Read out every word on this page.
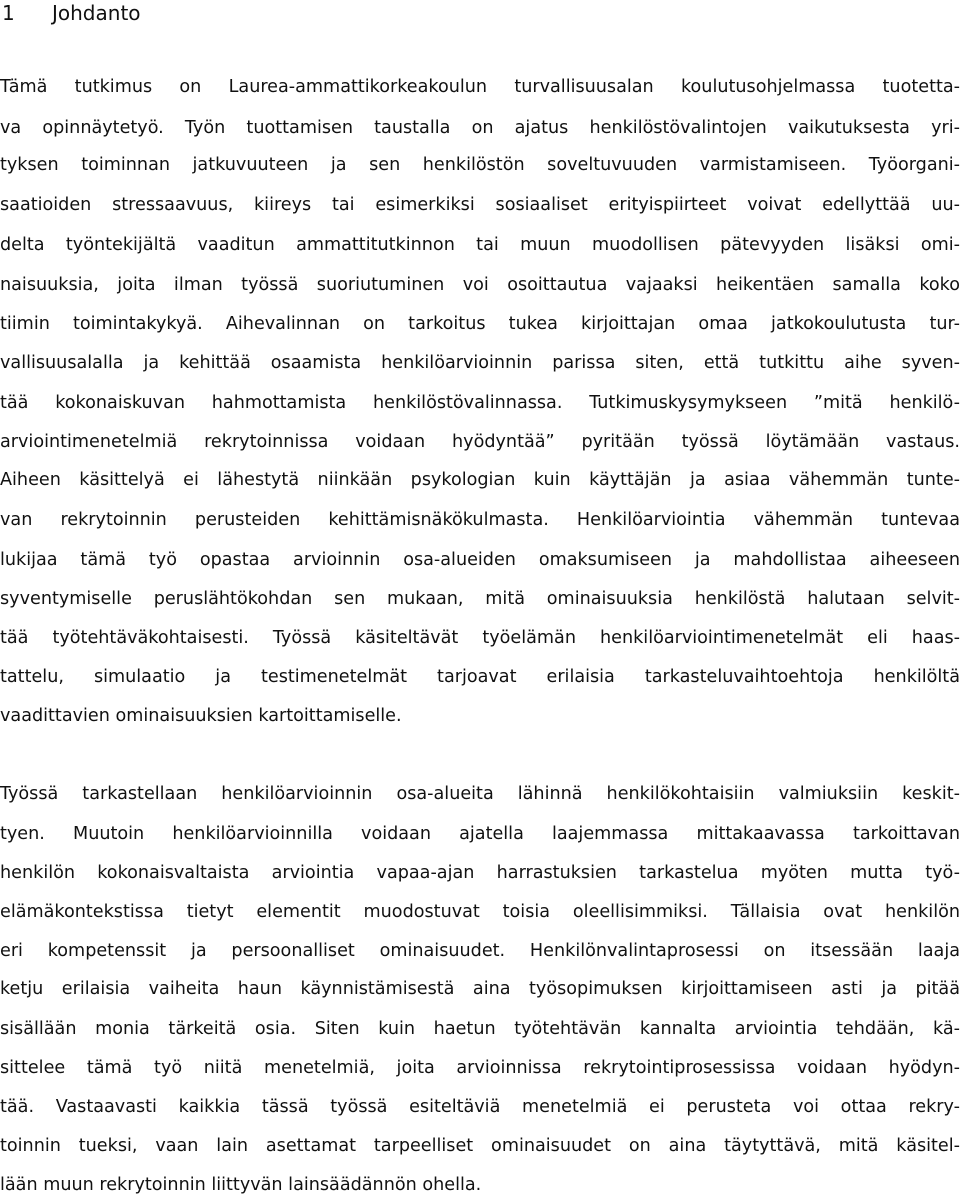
1 Johdanto
Tämä tutkimus on Laurea-ammattikorkeakoulun turvallisuusalan koulutusohjelmassa tuotetta-
va opinnäytetyö. Työn tuottamisen taustalla on ajatus henkilöstövalintojen vaikutuksesta yri-
tyksen toiminnan jatkuvuuteen ja sen henkilöstön soveltuvuuden varmistamiseen. Työorgani-
saatioiden stressaavuus, kiireys tai esimerkiksi sosiaaliset erityispiirteet voivat edellyttää uu-
delta työntekijältä vaaditun ammattitutkinnon tai muun muodollisen pätevyyden lisäksi omi-
naisuuksia, joita ilman työssä suoriutuminen voi osoittautua vajaaksi heikentäen samalla koko
tiimin toimintakykyä. Aihevalinnan on tarkoitus tukea kirjoittajan omaa jatkokoulutusta tur-
vallisuusalalla ja kehittää osaamista henkilöarvioinnin parissa siten, että tutkittu aihe syven-
tää kokonaiskuvan hahmottamista henkilöstövalinnassa. Tutkimuskysymykseen ”mitä henkilö-
arviointimenetelmiä rekrytoinnissa voidaan hyödyntää” pyritään työssä löytämään vastaus.
Aiheen käsittelyä ei lähestytä niinkään psykologian kuin käyttäjän ja asiaa vähemmän tunte-
van rekrytoinnin perusteiden kehittämisnäkökulmasta. Henkilöarviointia vähemmän tuntevaa
lukijaa tämä työ opastaa arvioinnin osa-alueiden omaksumiseen ja mahdollistaa aiheeseen
syventymiselle peruslähtökohdan sen mukaan, mitä ominaisuuksia henkilöstä halutaan selvit-
tää työtehtäväkohtaisesti. Työssä käsiteltävät työelämän henkilöarviointimenetelmät eli haas-
tattelu, simulaatio ja testimenetelmät tarjoavat erilaisia tarkasteluvaihtoehtoja henkilöltä
vaadittavien ominaisuuksien kartoittamiselle.
Työssä tarkastellaan henkilöarvioinnin osa-alueita lähinnä henkilökohtaisiin valmiuksiin keskit-
tyen. Muutoin henkilöarvioinnilla voidaan ajatella laajemmassa mittakaavassa tarkoittavan
henkilön kokonaisvaltaista arviointia vapaa-ajan harrastuksien tarkastelua myöten mutta työ-
elämäkontekstissa tietyt elementit muodostuvat toisia oleellisimmiksi. Tällaisia ovat henkilön
eri kompetenssit ja persoonalliset ominaisuudet. Henkilönvalintaprosessi on itsessään laaja
ketju erilaisia vaiheita haun käynnistämisestä aina työsopimuksen kirjoittamiseen asti ja pitää
sisällään monia tärkeitä osia. Siten kuin haetun työtehtävän kannalta arviointia tehdään, kä-
sittelee tämä työ niitä menetelmiä, joita arvioinnissa rekrytointiprosessissa voidaan hyödyn-
tää. Vastaavasti kaikkia tässä työssä esiteltäviä menetelmiä ei perusteta voi ottaa rekry-
toinnin tueksi, vaan lain asettamat tarpeelliset ominaisuudet on aina täytyttävä, mitä käsitel-
lään muun rekrytoinnin liittyvän lainsäädännön ohella.
